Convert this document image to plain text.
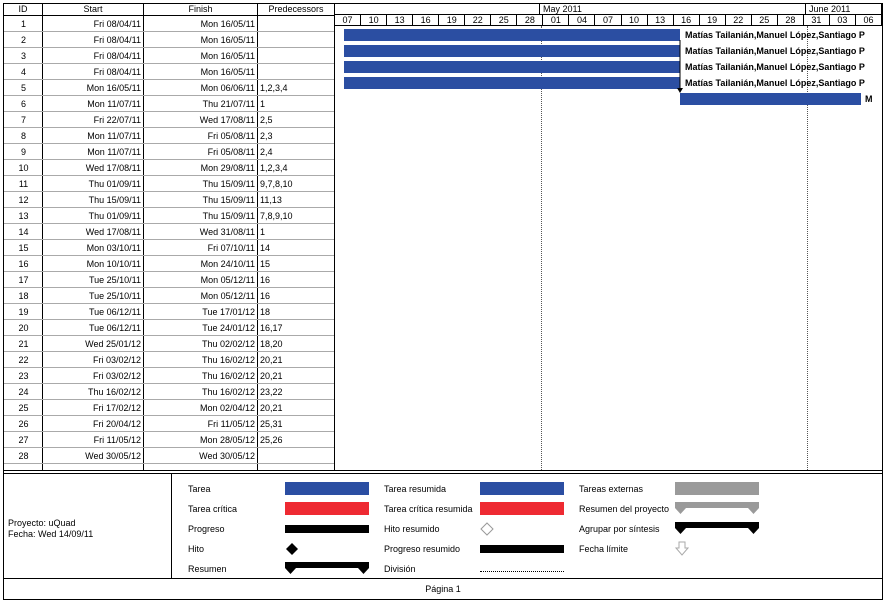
ID	Start	Finish	Predecessors
1	Fri 08/04/11	Mon 16/05/11
2	Fri 08/04/11	Mon 16/05/11
3	Fri 08/04/11	Mon 16/05/11
4	Fri 08/04/11	Mon 16/05/11
5	Mon 16/05/11	Mon 06/06/11 1,2,3,4
6	Mon 11/07/11	Thu 21/07/11 1
7	Fri 22/07/11	Wed 17/08/11 2,5
8	Mon 11/07/11	Fri 05/08/11 2,3
9	Mon 11/07/11	Fri 05/08/11 2,4
10	Wed 17/08/11	Mon 29/08/11 1,2,3,4
11	Thu 01/09/11	Thu 15/09/11 9,7,8,10
12	Thu 15/09/11	Thu 15/09/11 11,13
13	Thu 01/09/11	Thu 15/09/11 7,8,9,10
14	Wed 17/08/11	Wed 31/08/11 1
15	Mon 03/10/11	Fri 07/10/11 14
16	Mon 10/10/11	Mon 24/10/11 15
17	Tue 25/10/11	Mon 05/12/11 16
18	Tue 25/10/11	Mon 05/12/11 16
19	Tue 06/12/11	Tue 17/01/12 18
20	Tue 06/12/11	Tue 24/01/12 16,17
21	Wed 25/01/12	Thu 02/02/12 18,20
22	Fri 03/02/12	Thu 16/02/12 20,21
23	Fri 03/02/12	Thu 16/02/12 20,21
24	Thu 16/02/12	Thu 16/02/12 23,22
25	Fri 17/02/12	Mon 02/04/12 20,21
26	Fri 20/04/12	Fri 11/05/12 25,31
27	Fri 11/05/12	Mon 28/05/12 25,26
28	Wed 30/05/12	Wed 30/05/12
May 2011	June 2011
07	10	13	16	19	22	25	28	01	04	07	10	13	16	19	22	25	28	31	03	06
Matías Tailanián,Manuel López,Santiago P
Matías Tailanián,Manuel López,Santiago P
Matías Tailanián,Manuel López,Santiago P
Matías Tailanián,Manuel López,Santiago P
M
Proyecto: uQuad
Fecha: Wed 14/09/11
Tarea
Tarea crítica
Progreso
Hito
Resumen
Tarea resumida
Tarea crítica resumida
Hito resumido
Progreso resumido
División
Tareas externas
Resumen del proyecto
Agrupar por síntesis
Fecha límite
Página 1
